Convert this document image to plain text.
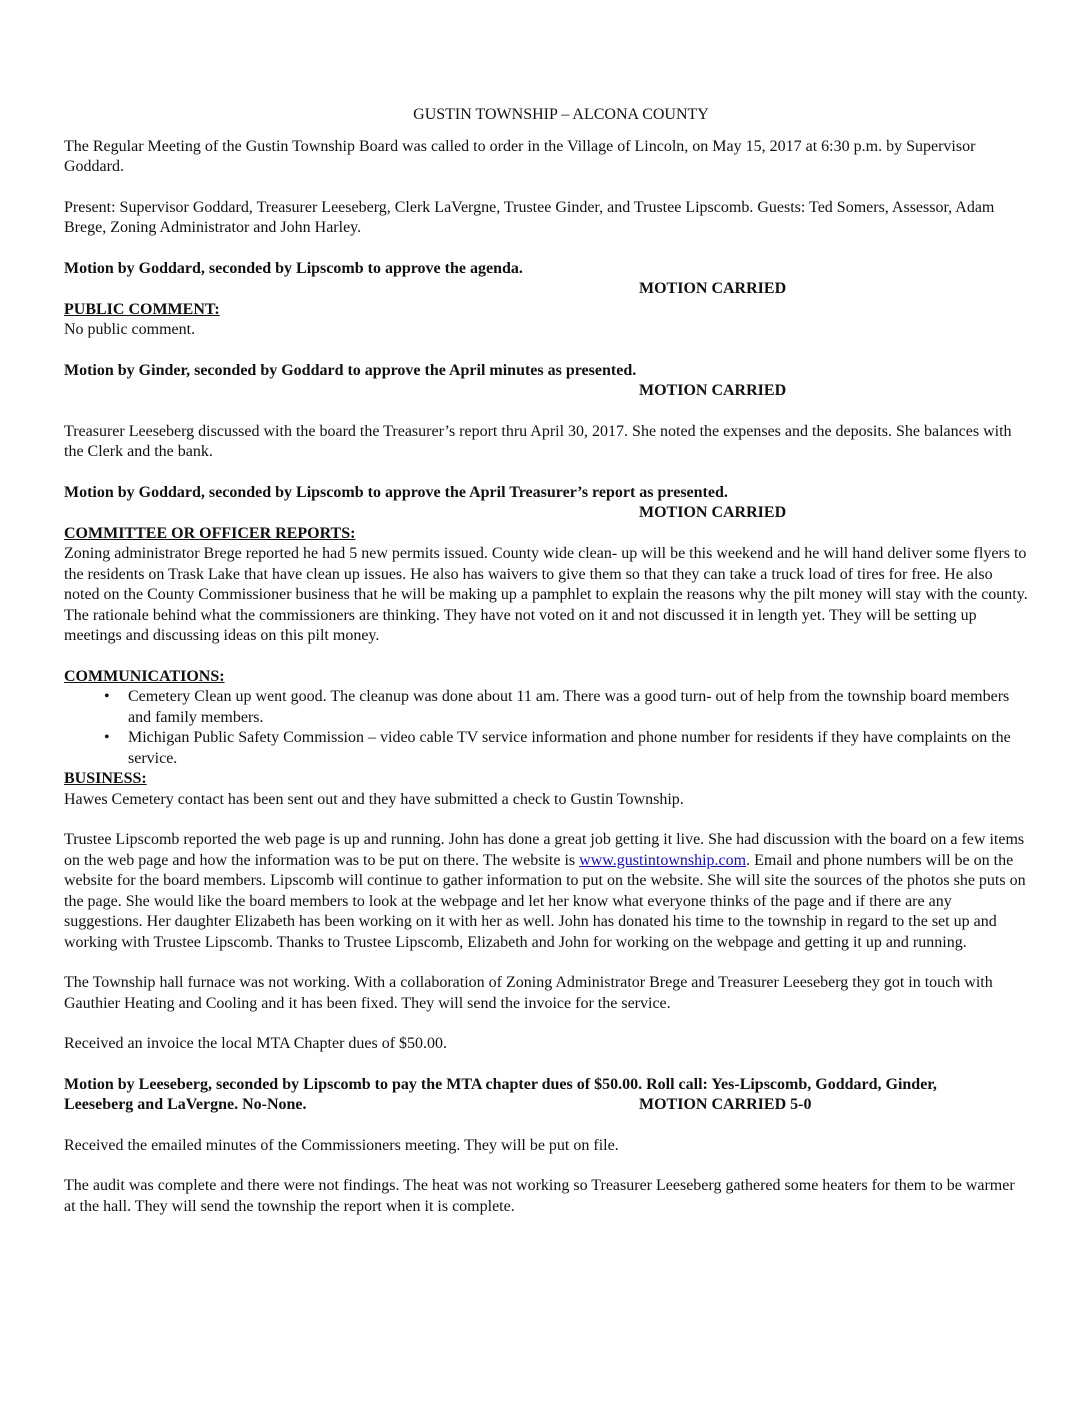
GUSTIN TOWNSHIP – ALCONA COUNTY

The Regular Meeting of the Gustin Township Board was called to order in the Village of Lincoln, on May 15, 2017 at 6:30 p.m. by Supervisor Goddard.

Present: Supervisor Goddard, Treasurer Leeseberg, Clerk LaVergne, Trustee Ginder, and Trustee Lipscomb. Guests: Ted Somers, Assessor, Adam Brege, Zoning Administrator and John Harley.

Motion by Goddard, seconded by Lipscomb to approve the agenda.

MOTION CARRIED

PUBLIC COMMENT:

No public comment.

Motion by Ginder, seconded by Goddard to approve the April minutes as presented.

MOTION CARRIED

Treasurer Leeseberg discussed with the board the Treasurer’s report thru April 30, 2017. She noted the expenses and the deposits. She balances with the Clerk and the bank.

Motion by Goddard, seconded by Lipscomb to approve the April Treasurer’s report as presented.

MOTION CARRIED

COMMITTEE OR OFFICER REPORTS:

Zoning administrator Brege reported he had 5 new permits issued. County wide clean- up will be this weekend and he will hand deliver some flyers to the residents on Trask Lake that have clean up issues. He also has waivers to give them so that they can take a truck load of tires for free. He also noted on the County Commissioner business that he will be making up a pamphlet to explain the reasons why the pilt money will stay with the county. The rationale behind what the commissioners are thinking. They have not voted on it and not discussed it in length yet. They will be setting up meetings and discussing ideas on this pilt money.

COMMUNICATIONS:

• Cemetery Clean up went good. The cleanup was done about 11 am. There was a good turn- out of help from the township board members and family members.
• Michigan Public Safety Commission – video cable TV service information and phone number for residents if they have complaints on the service.

BUSINESS:

Hawes Cemetery contact has been sent out and they have submitted a check to Gustin Township.

Trustee Lipscomb reported the web page is up and running. John has done a great job getting it live. She had discussion with the board on a few items on the web page and how the information was to be put on there. The website is www.gustintownship.com. Email and phone numbers will be on the website for the board members. Lipscomb will continue to gather information to put on the website. She will site the sources of the photos she puts on the page. She would like the board members to look at the webpage and let her know what everyone thinks of the page and if there are any suggestions. Her daughter Elizabeth has been working on it with her as well. John has donated his time to the township in regard to the set up and working with Trustee Lipscomb. Thanks to Trustee Lipscomb, Elizabeth and John for working on the webpage and getting it up and running.

The Township hall furnace was not working. With a collaboration of Zoning Administrator Brege and Treasurer Leeseberg they got in touch with Gauthier Heating and Cooling and it has been fixed. They will send the invoice for the service.

Received an invoice the local MTA Chapter dues of $50.00.

Motion by Leeseberg, seconded by Lipscomb to pay the MTA chapter dues of $50.00. Roll call: Yes-Lipscomb, Goddard, Ginder,

Leeseberg and LaVergne. No-None.	MOTION CARRIED 5-0

Received the emailed minutes of the Commissioners meeting. They will be put on file.

The audit was complete and there were not findings. The heat was not working so Treasurer Leeseberg gathered some heaters for them to be warmer at the hall. They will send the township the report when it is complete.
